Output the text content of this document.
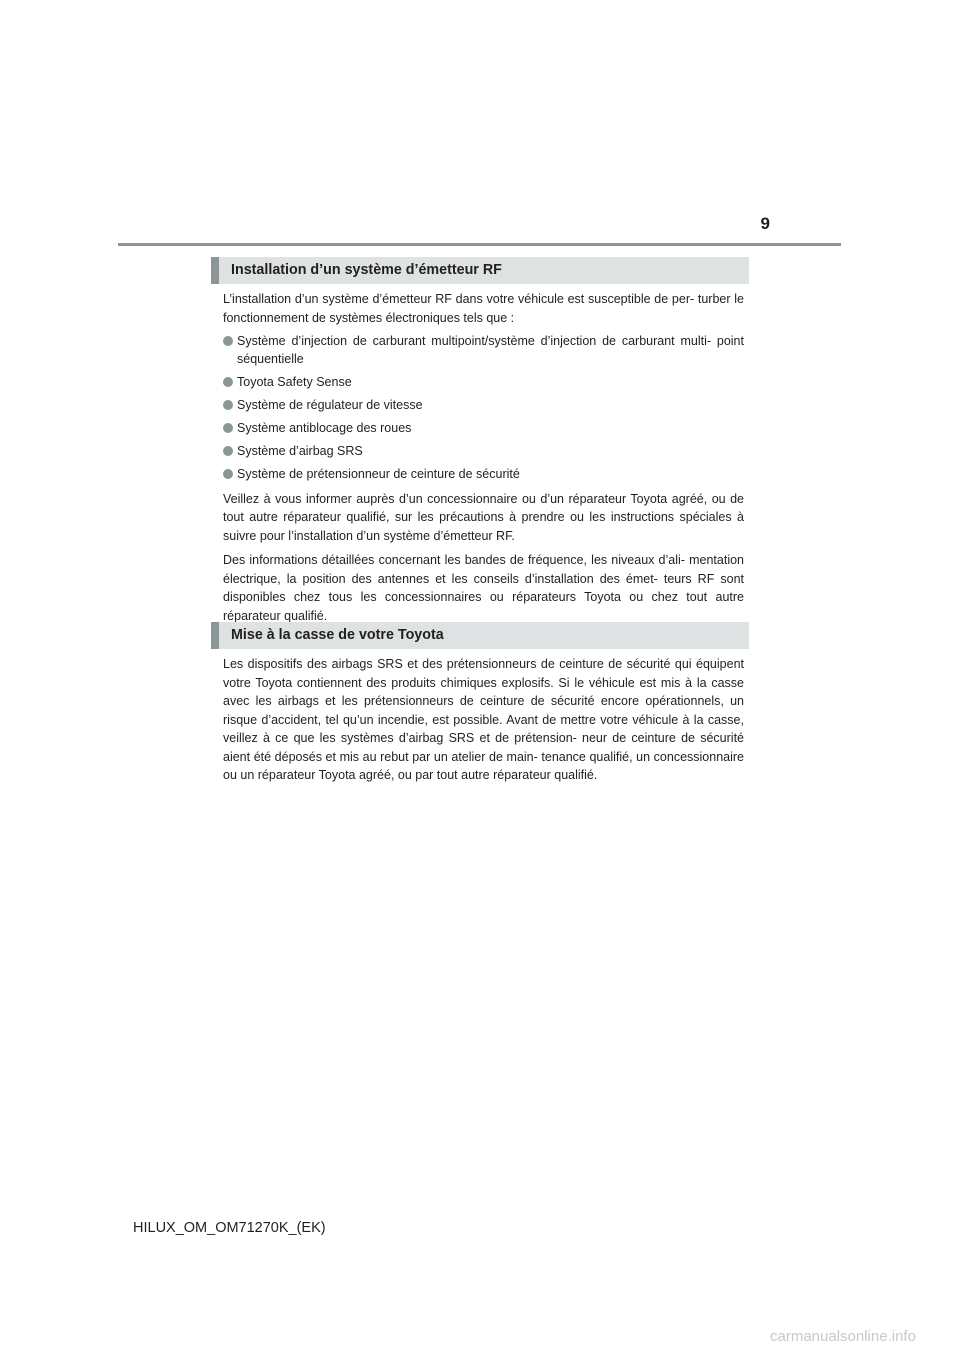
9
Installation d’un système d’émetteur RF

L’installation d’un système d’émetteur RF dans votre véhicule est susceptible de per- turber le fonctionnement de systèmes électroniques tels que :

Système d’injection de carburant multipoint/système d’injection de carburant multi- point séquentielle
Toyota Safety Sense
Système de régulateur de vitesse
Système antiblocage des roues
Système d’airbag SRS
Système de prétensionneur de ceinture de sécurité

Veillez à vous informer auprès d’un concessionnaire ou d’un réparateur Toyota agréé, ou de tout autre réparateur qualifié, sur les précautions à prendre ou les instructions spéciales à suivre pour l’installation d’un système d’émetteur RF.

Des informations détaillées concernant les bandes de fréquence, les niveaux d’ali- mentation électrique, la position des antennes et les conseils d’installation des émet- teurs RF sont disponibles chez tous les concessionnaires ou réparateurs Toyota ou chez tout autre réparateur qualifié.

Mise à la casse de votre Toyota

Les dispositifs des airbags SRS et des prétensionneurs de ceinture de sécurité qui équipent votre Toyota contiennent des produits chimiques explosifs. Si le véhicule est mis à la casse avec les airbags et les prétensionneurs de ceinture de sécurité encore opérationnels, un risque d’accident, tel qu’un incendie, est possible. Avant de mettre votre véhicule à la casse, veillez à ce que les systèmes d’airbag SRS et de prétension- neur de ceinture de sécurité aient été déposés et mis au rebut par un atelier de main- tenance qualifié, un concessionnaire ou un réparateur Toyota agréé, ou par tout autre réparateur qualifié.

HILUX_OM_OM71270K_(EK)
carmanualsonline.info
